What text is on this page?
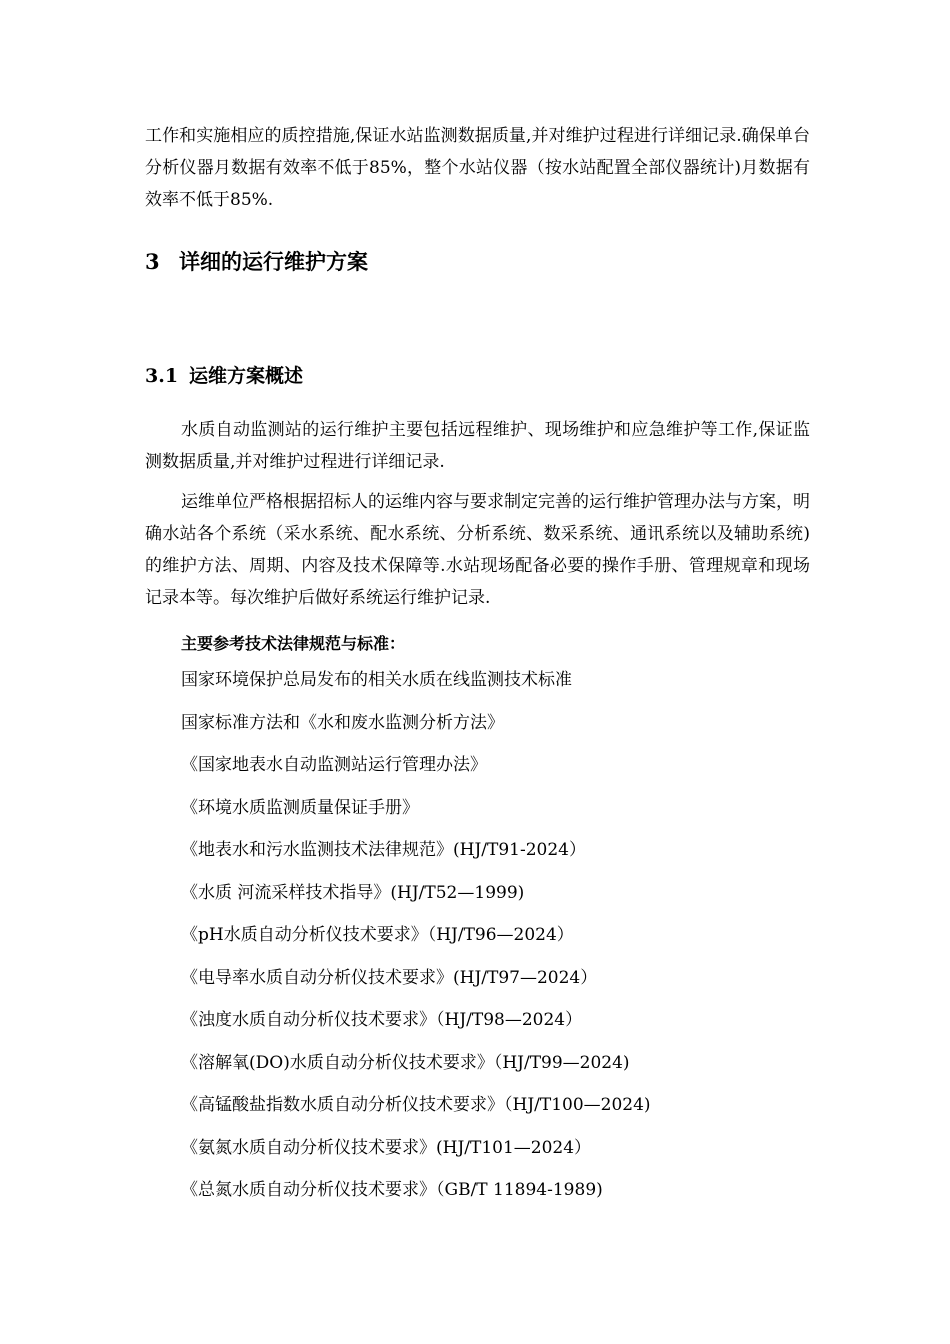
工作和实施相应的质控措施,保证水站监测数据质量,并对维护过程进行详细记录.确保单台分析仪器月数据有效率不低于85%，整个水站仪器（按水站配置全部仪器统计)月数据有效率不低于85%.

3 详细的运行维护方案
3.1 运维方案概述

水质自动监测站的运行维护主要包括远程维护、现场维护和应急维护等工作,保证监测数据质量,并对维护过程进行详细记录.

运维单位严格根据招标人的运维内容与要求制定完善的运行维护管理办法与方案，明确水站各个系统（采水系统、配水系统、分析系统、数采系统、通讯系统以及辅助系统)的维护方法、周期、内容及技术保障等.水站现场配备必要的操作手册、管理规章和现场记录本等。每次维护后做好系统运行维护记录.

主要参考技术法律规范与标准：
国家环境保护总局发布的相关水质在线监测技术标准
国家标准方法和《水和废水监测分析方法》
《国家地表水自动监测站运行管理办法》
《环境水质监测质量保证手册》
《地表水和污水监测技术法律规范》(HJ/T91-2024）
《水质 河流采样技术指导》(HJ/T52—1999)
《pH水质自动分析仪技术要求》（HJ/T96—2024）
《电导率水质自动分析仪技术要求》(HJ/T97—2024）
《浊度水质自动分析仪技术要求》（HJ/T98—2024）
《溶解氧(DO)水质自动分析仪技术要求》（HJ/T99—2024)
《高锰酸盐指数水质自动分析仪技术要求》（HJ/T100—2024)
《氨氮水质自动分析仪技术要求》(HJ/T101—2024）
《总氮水质自动分析仪技术要求》（GB/T 11894-1989)
